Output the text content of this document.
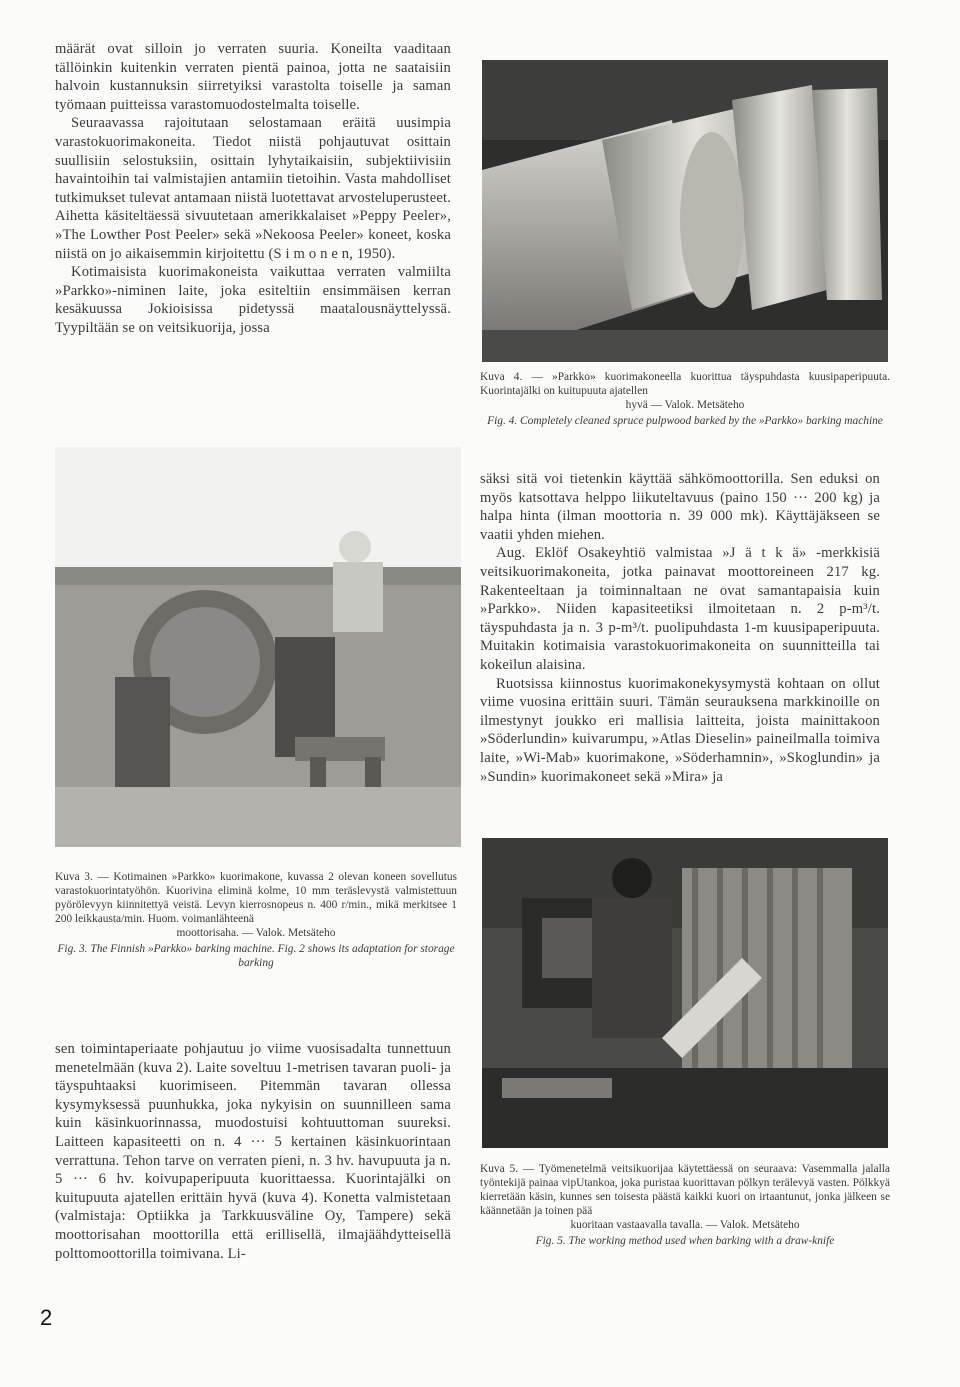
määrät ovat silloin jo verraten suuria. Koneilta vaaditaan tällöinkin kuitenkin verraten pientä painoa, jotta ne saataisiin halvoin kustannuksin siirretyiksi varastolta toiselle ja saman työmaan puitteissa varastomuodostelmalta toiselle.

Seuraavassa rajoitutaan selostamaan eräitä uusimpia varastokuorimakoneita. Tiedot niistä pohjautuvat osittain suullisiin selostuksiin, osittain lyhytaikaisiin, subjektiivisiin havaintoihin tai valmistajien antamiin tietoihin. Vasta mahdolliset tutkimukset tulevat antamaan niistä luotettavat arvosteluperusteet. Aihetta käsiteltäessä sivuutetaan amerikkalaiset »Peppy Peeler», »The Lowther Post Peeler» sekä »Nekoosa Peeler» koneet, koska niistä on jo aikaisemmin kirjoitettu (S i m o n e n, 1950).

Kotimaisista kuorimakoneista vaikuttaa verraten valmiilta »Parkko»-niminen laite, joka esiteltiin ensimmäisen kerran kesäkuussa Jokioisissa pidetyssä maatalousnäyttelyssä. Tyypiltään se on veitsikuorija, jossa

Kuva 4. — »Parkko» kuorimakoneella kuorittua täyspuhdasta kuusipaperipuuta. Kuorintajälki on kuitupuuta ajatellen

hyvä — Valok. Metsäteho

Fig. 4. Completely cleaned spruce pulpwood barked by the »Parkko» barking machine

säksi sitä voi tietenkin käyttää sähkömoottorilla. Sen eduksi on myös katsottava helppo liikuteltavuus (paino 150 ··· 200 kg) ja halpa hinta (ilman moottoria n. 39 000 mk). Käyttäjäkseen se vaatii yhden miehen.

Aug. Eklöf Osakeyhtiö valmistaa »J ä t k ä» -merkkisiä veitsikuorimakoneita, jotka painavat moottoreineen 217 kg. Rakenteeltaan ja toiminnaltaan ne ovat samantapaisia kuin »Parkko». Niiden kapasiteetiksi ilmoitetaan n. 2 p-m³/t. täyspuhdasta ja n. 3 p-m³/t. puolipuhdasta 1-m kuusipaperipuuta. Muitakin kotimaisia varastokuorimakoneita on suunnitteilla tai kokeilun alaisina.

Ruotsissa kiinnostus kuorimakonekysymystä kohtaan on ollut viime vuosina erittäin suuri. Tämän seurauksena markkinoille on ilmestynyt joukko eri mallisia laitteita, joista mainittakoon »Söderlundin» kuivarumpu, »Atlas Dieselin» paineilmalla toimiva laite, »Wi-Mab» kuorimakone, »Söderhamnin», »Skoglundin» ja »Sundin» kuorimakoneet sekä »Mira» ja

Kuva 3. — Kotimainen »Parkko» kuorimakone, kuvassa 2 olevan koneen sovellutus varastokuorintatyöhön. Kuorivina eliminä kolme, 10 mm teräslevystä valmistettuun pyörölevyyn kiinnitettyä veistä. Levyn kierrosnopeus n. 400 r/min., mikä merkitsee 1 200 leikkausta/min. Huom. voimanlähteenä

moottorisaha. — Valok. Metsäteho

Fig. 3. The Finnish »Parkko» barking machine. Fig. 2 shows its adaptation for storage barking

sen toimintaperiaate pohjautuu jo viime vuosisadalta tunnettuun menetelmään (kuva 2). Laite soveltuu 1-metrisen tavaran puoli- ja täyspuhtaaksi kuorimiseen. Pitemmän tavaran ollessa kysymyksessä puunhukka, joka nykyisin on suunnilleen sama kuin käsinkuorinnassa, muodostuisi kohtuuttoman suureksi. Laitteen kapasiteetti on n. 4 ··· 5 kertainen käsinkuorintaan verrattuna. Tehon tarve on verraten pieni, n. 3 hv. havupuuta ja n. 5 ··· 6 hv. koivupaperipuuta kuorittaessa. Kuorintajälki on kuitupuuta ajatellen erittäin hyvä (kuva 4). Konetta valmistetaan (valmistaja: Optiikka ja Tarkkuusväline Oy, Tampere) sekä moottorisahan moottorilla että erillisellä, ilmajäähdytteisellä polttomoottorilla toimivana. Li-

Kuva 5. — Työmenetelmä veitsikuorijaa käytettäessä on seuraava: Vasemmalla jalalla työntekijä painaa vipUtankoa, joka puristaa kuorittavan pölkyn terälevyä vasten. Pölkkyä kierretään käsin, kunnes sen toisesta päästä kaikki kuori on irtaantunut, jonka jälkeen se käännetään ja toinen pää

kuoritaan vastaavalla tavalla. — Valok. Metsäteho

Fig. 5. The working method used when barking with a draw-knife

2
